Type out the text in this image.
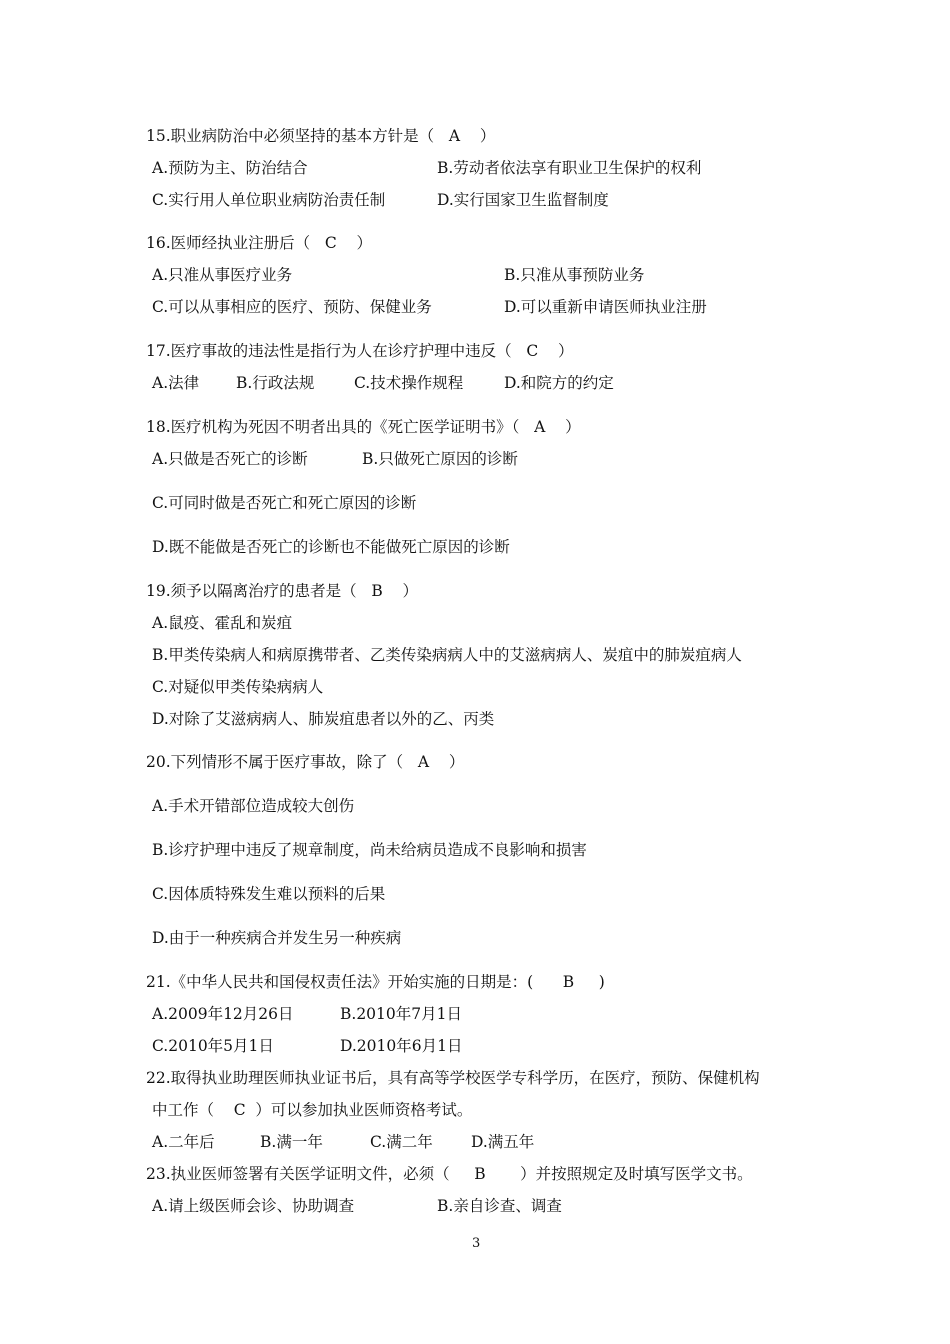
15.职业病防治中必须坚持的基本方针是（   A    ）
A.预防为主、防治结合	B.劳动者依法享有职业卫生保护的权利
C.实行用人单位职业病防治责任制	D.实行国家卫生监督制度
16.医师经执业注册后（   C    ）
A.只准从事医疗业务	B.只准从事预防业务
C.可以从事相应的医疗、预防、保健业务	D.可以重新申请医师执业注册
17.医疗事故的违法性是指行为人在诊疗护理中违反（   C    ）
A.法律 B.行政法规	C.技术操作规程	D.和院方的约定
18.医疗机构为死因不明者出具的《死亡医学证明书》（   A    ）
A.只做是否死亡的诊断	B.只做死亡原因的诊断
C.可同时做是否死亡和死亡原因的诊断
D.既不能做是否死亡的诊断也不能做死亡原因的诊断
19.须予以隔离治疗的患者是（   B    ）
A.鼠疫、霍乱和炭疽
B.甲类传染病人和病原携带者、乙类传染病病人中的艾滋病病人、炭疽中的肺炭疽病人
C.对疑似甲类传染病病人
D.对除了艾滋病病人、肺炭疽患者以外的乙、丙类
20.下列情形不属于医疗事故，除了（   A    ）
A.手术开错部位造成较大创伤
B.诊疗护理中违反了规章制度，尚未给病员造成不良影响和损害
C.因体质特殊发生难以预料的后果
D.由于一种疾病合并发生另一种疾病
21.《中华人民共和国侵权责任法》开始实施的日期是：(      B     )
A.2009年12月26日	B.2010年7月1日
C.2010年5月1日	D.2010年6月1日
22.取得执业助理医师执业证书后，具有高等学校医学专科学历，在医疗，预防、保健机构
中工作（    C  ）可以参加执业医师资格考试。
A.二年后	B.满一年	C.满二年 D.满五年
23.执业医师签署有关医学证明文件，必须（     B       ）并按照规定及时填写医学文书。
A.请上级医师会诊、协助调查	B.亲自诊查、调查
3
